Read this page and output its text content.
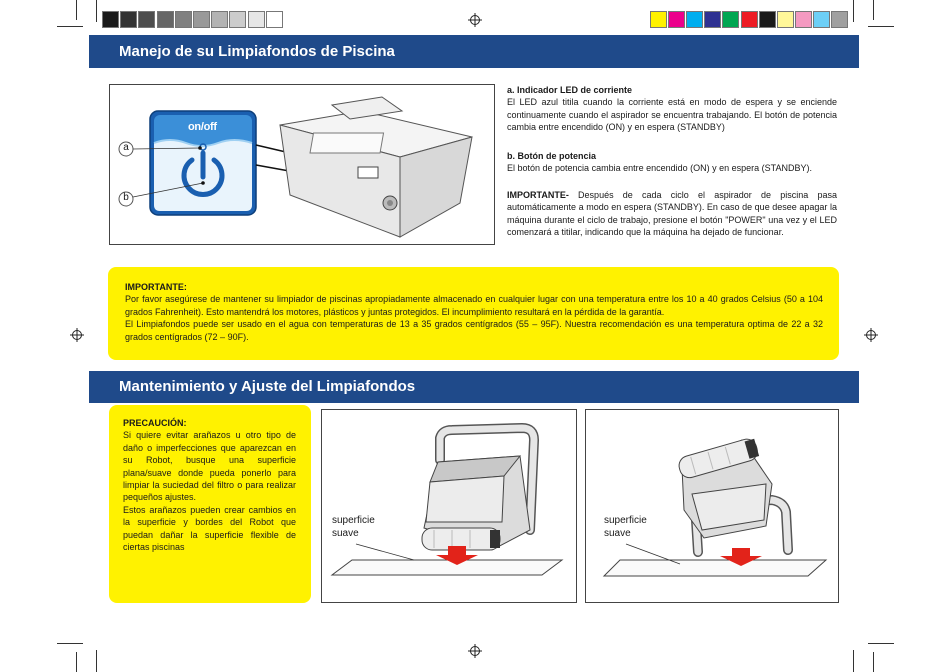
Manejo de su Limpiafondos de Piscina
on/off
a
b
a. Indicador LED de corriente
El LED azul titila cuando la corriente está en modo de espera y se enciende continuamente cuando el aspirador se encuentra trabajando. El botón de potencia cambia entre encendido (ON) y en espera (STANDBY)
b. Botón de potencia
El botón de potencia cambia entre encendido (ON) y en espera (STANDBY).
IMPORTANTE- Después de cada ciclo el aspirador de piscina pasa automáticamente a modo en espera (STANDBY). En caso de que desee apagar la máquina durante el ciclo de trabajo, presione el botón "POWER" una vez y el LED comenzará a titilar, indicando que la máquina ha dejado de funcionar.
IMPORTANTE:
Por favor asegúrese de mantener su limpiador de piscinas apropiadamente almacenado en cualquier lugar con una temperatura entre los 10 a 40 grados Celsius (50 a 104 grados Fahrenheit). Esto mantendrá los motores, plásticos y juntas protegidos. El incumplimiento resultará en la pérdida de la garantía.
El Limpiafondos puede ser usado en el agua con temperaturas de 13 a 35 grados centígrados (55 – 95F). Nuestra recomendación es una temperatura optima de 22 a 32 grados centígrados (72 – 90F).
Mantenimiento y Ajuste del Limpiafondos
PRECAUCIÓN:
Si quiere evitar arañazos u otro tipo de daño o imperfecciones que aparezcan en su Robot, busque una superficie plana/suave donde pueda ponerlo para limpiar la suciedad del filtro o para realizar pequeños ajustes.
Estos arañazos pueden crear cambios en la superficie y bordes del Robot que puedan dañar la superficie flexible de ciertas piscinas
superficie
suave
superficie
suave
